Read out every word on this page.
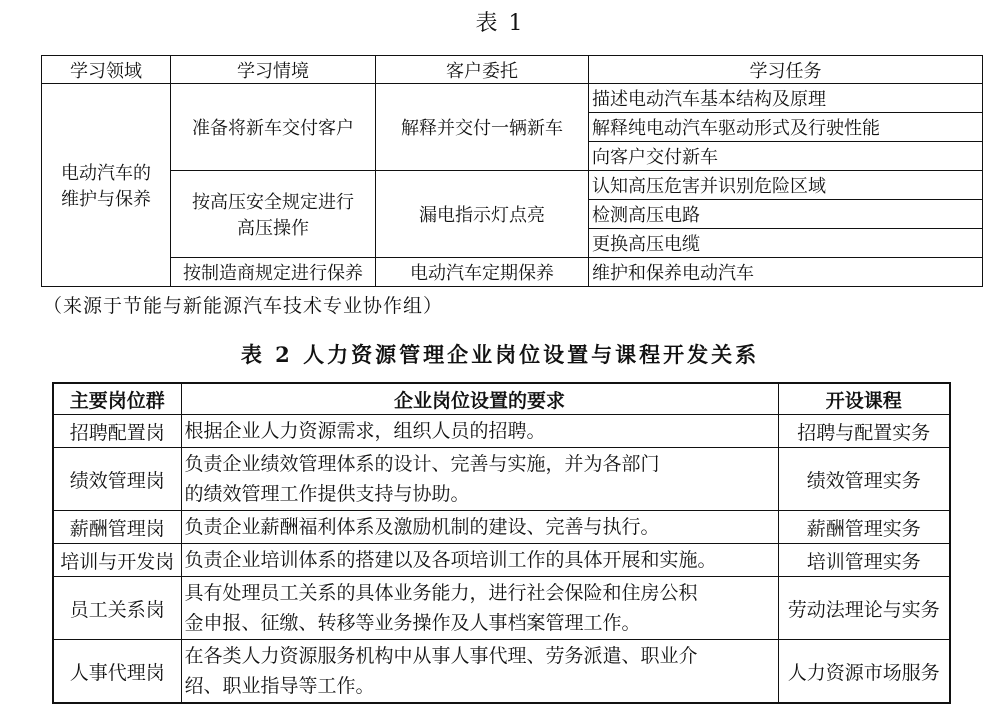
表 1
学习领域	学习情境	客户委托	学习任务
电动汽车的
维护与保养	准备将新车交付客户	解释并交付一辆新车	描述电动汽车基本结构及原理
			解释纯电动汽车驱动形式及行驶性能
			向客户交付新车
	按高压安全规定进行
高压操作	漏电指示灯点亮	认知高压危害并识别危险区域
			检测高压电路
			更换高压电缆
	按制造商规定进行保养	电动汽车定期保养	维护和保养电动汽车
（来源于节能与新能源汽车技术专业协作组）
表 2 人力资源管理企业岗位设置与课程开发关系
主要岗位群	企业岗位设置的要求	开设课程
招聘配置岗	根据企业人力资源需求，组织人员的招聘。	招聘与配置实务
绩效管理岗	负责企业绩效管理体系的设计、完善与实施，并为各部门
的绩效管理工作提供支持与协助。	绩效管理实务
薪酬管理岗	负责企业薪酬福利体系及激励机制的建设、完善与执行。	薪酬管理实务
培训与开发岗	负责企业培训体系的搭建以及各项培训工作的具体开展和实施。	培训管理实务
员工关系岗	具有处理员工关系的具体业务能力，进行社会保险和住房公积
金申报、征缴、转移等业务操作及人事档案管理工作。	劳动法理论与实务
人事代理岗	在各类人力资源服务机构中从事人事代理、劳务派遣、职业介
绍、职业指导等工作。	人力资源市场服务
